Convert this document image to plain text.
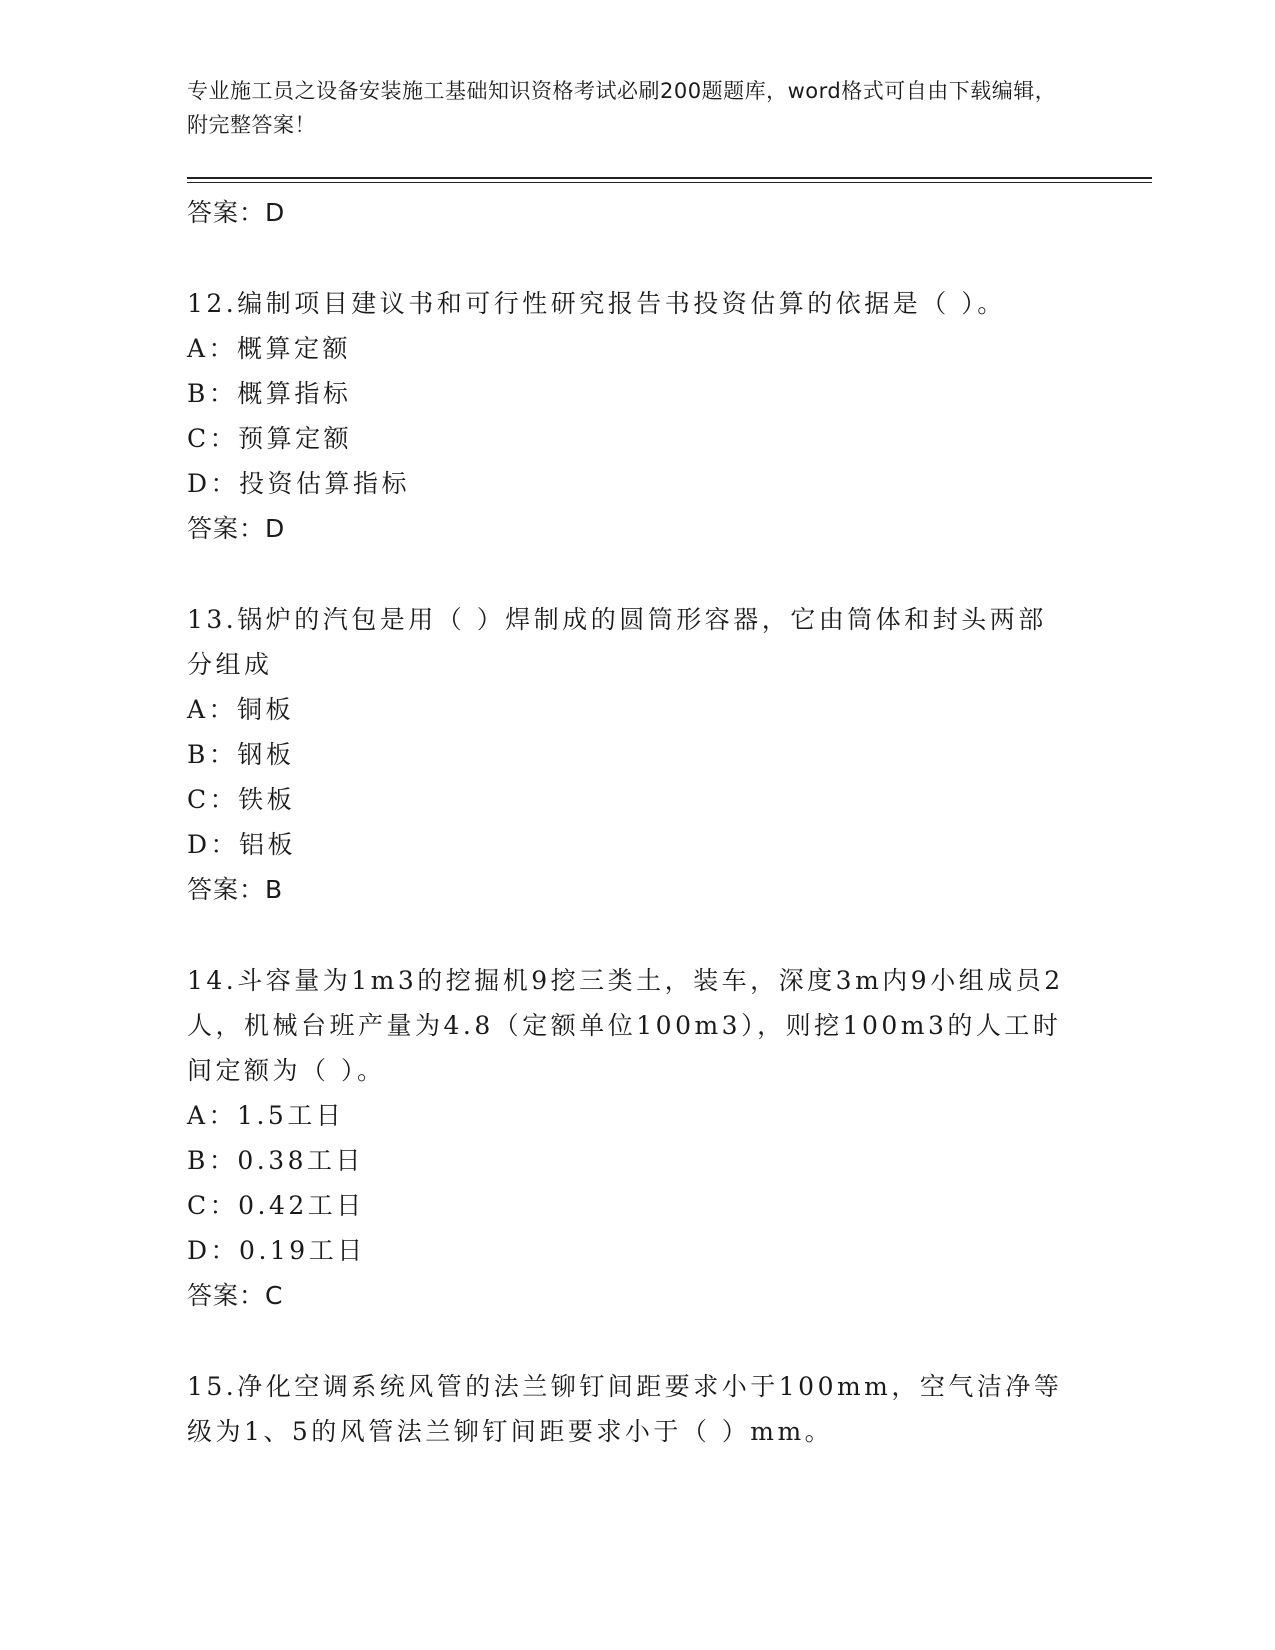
专业施工员之设备安装施工基础知识资格考试必刷200题题库，word格式可自由下载编辑，附完整答案！
答案：D
12.编制项目建议书和可行性研究报告书投资估算的依据是（ ）。
A：概算定额
B：概算指标
C：预算定额
D：投资估算指标
答案：D
13.锅炉的汽包是用（ ）焊制成的圆筒形容器，它由筒体和封头两部分组成
A：铜板
B：钢板
C：铁板
D：铝板
答案：B
14.斗容量为1m3的挖掘机9挖三类土，装车，深度3m内9小组成员2人，机械台班产量为4.8（定额单位100m3），则挖100m3的人工时间定额为（ ）。
A：1.5工日
B：0.38工日
C：0.42工日
D：0.19工日
答案：C
15.净化空调系统风管的法兰铆钉间距要求小于100mm，空气洁净等级为1、5的风管法兰铆钉间距要求小于（ ）mm。
